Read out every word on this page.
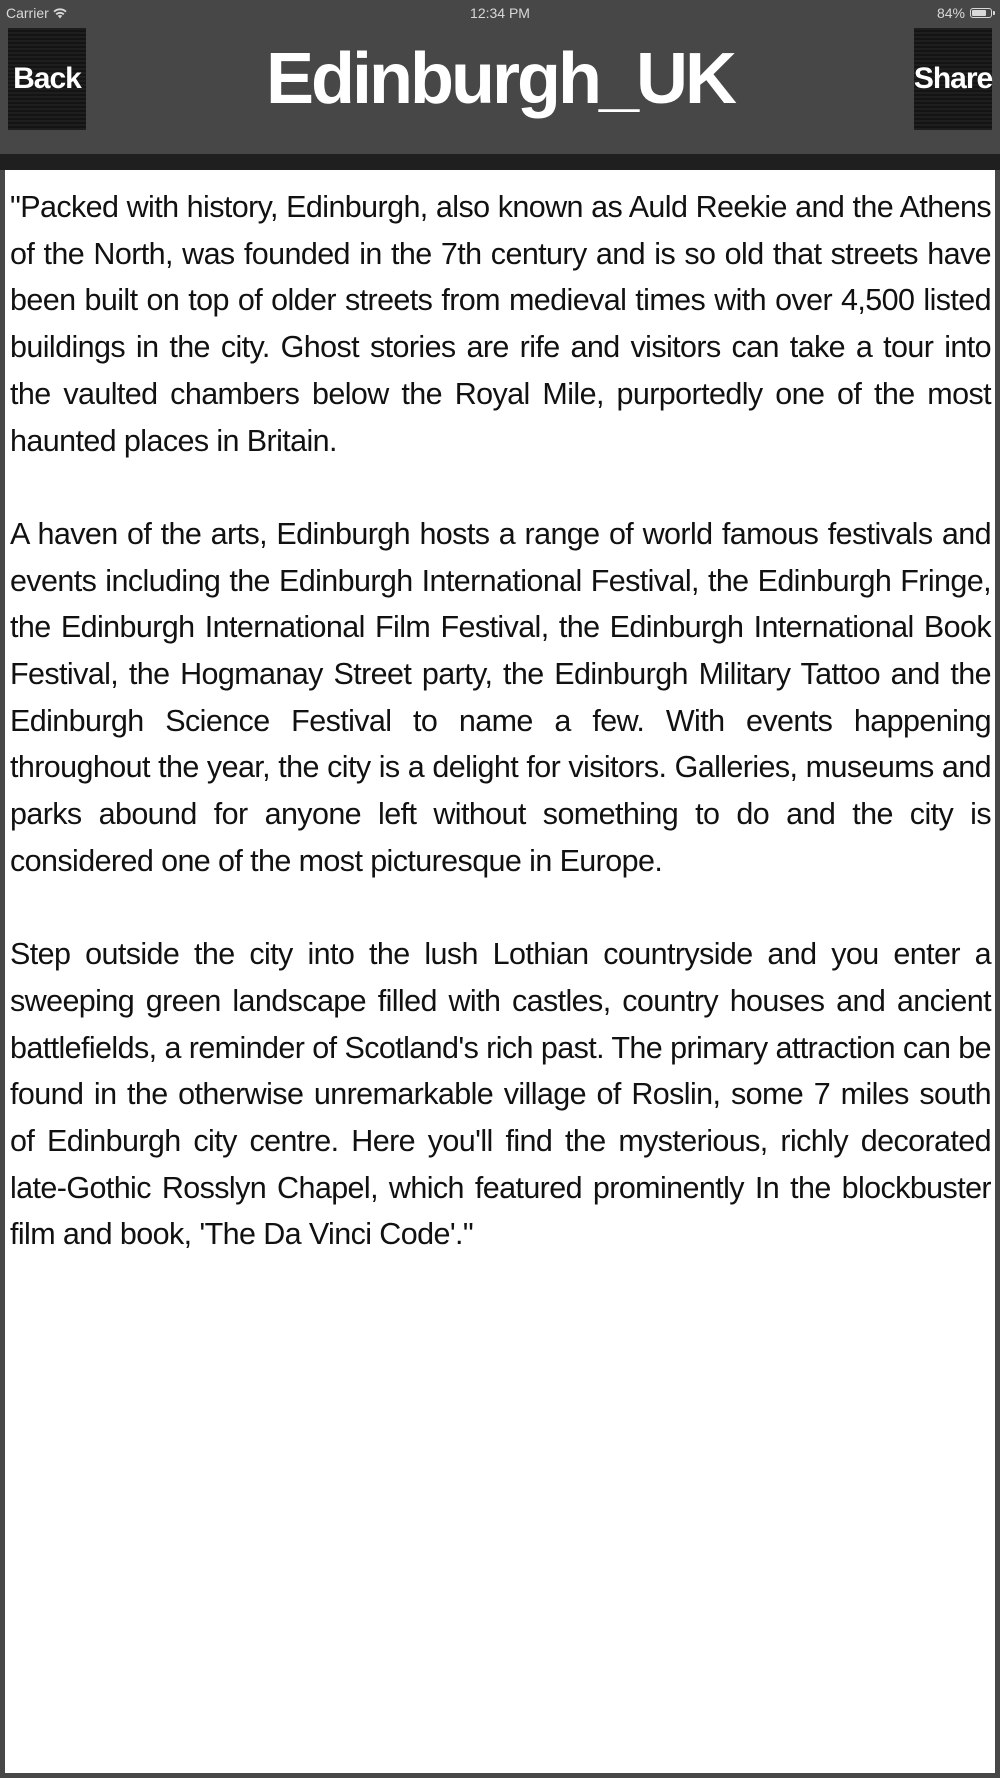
Carrier	12:34 PM	84%
Back	Edinburgh_UK	Share

"Packed with history, Edinburgh, also known as Auld Reekie and the Athens of the North, was founded in the 7th century and is so old that streets have been built on top of older streets from medieval times with over 4,500 listed buildings in the city. Ghost stories are rife and visitors can take a tour into the vaulted chambers below the Royal Mile, purportedly one of the most haunted places in Britain.

A haven of the arts, Edinburgh hosts a range of world famous festivals and events including the Edinburgh International Festival, the Edinburgh Fringe, the Edinburgh International Film Festival, the Edinburgh International Book Festival, the Hogmanay Street party, the Edinburgh Military Tattoo and the Edinburgh Science Festival to name a few. With events happening throughout the year, the city is a delight for visitors. Galleries, museums and parks abound for anyone left without something to do and the city is considered one of the most picturesque in Europe.

Step outside the city into the lush Lothian countryside and you enter a sweeping green landscape filled with castles, country houses and ancient battlefields, a reminder of Scotland's rich past. The primary attraction can be found in the otherwise unremarkable village of Roslin, some 7 miles south of Edinburgh city centre. Here you'll find the mysterious, richly decorated late-Gothic Rosslyn Chapel, which featured prominently In the blockbuster film and book, 'The Da Vinci Code'."
